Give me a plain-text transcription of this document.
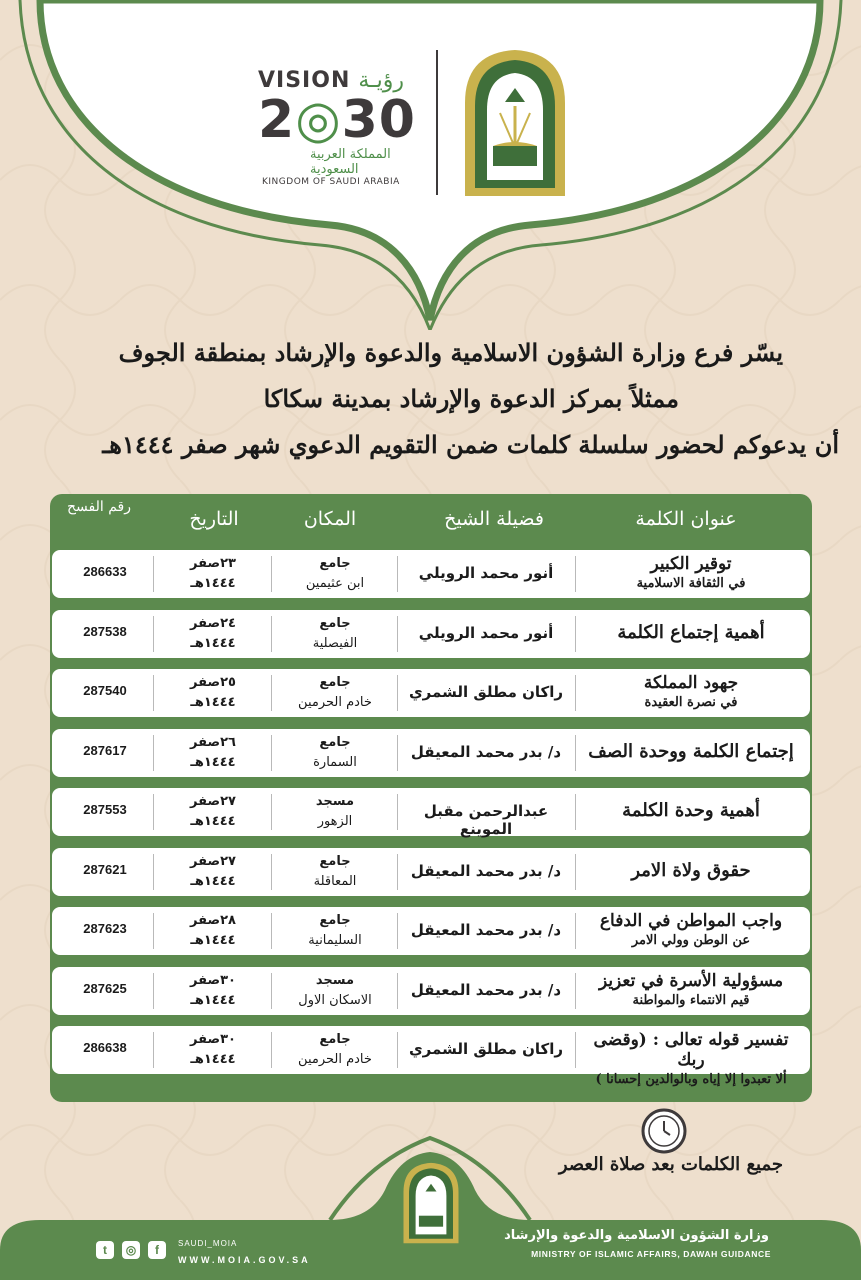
VISION رؤيـة
2◎30
المملكة العربية السعودية
KINGDOM OF SAUDI ARABIA
يسّر فرع وزارة الشؤون الاسلامية والدعوة والإرشاد بمنطقة الجوف
ممثلاً بمركز الدعوة والإرشاد بمدينة سكاكا
أن يدعوكم لحضور سلسلة كلمات ضمن التقويم الدعوي شهر صفر ١٤٤٤هـ
عنوان الكلمة
فضيلة الشيخ
المكان
التاريخ
رقم الفسح
توقير الكبير
في الثقافة الاسلامية
أنور محمد الرويلي
جامع
ابن عثيمين
٢٣صفر
١٤٤٤هـ
286633
أهمية إجتماع الكلمة
أنور محمد الرويلي
جامع
الفيصلية
٢٤صفر
١٤٤٤هـ
287538
جهود المملكة
في نصرة العقيدة
راكان مطلق الشمري
جامع
خادم الحرمين
٢٥صفر
١٤٤٤هـ
287540
إجتماع الكلمة ووحدة الصف
د/ بدر محمد المعيقل
جامع
السمارة
٢٦صفر
١٤٤٤هـ
287617
أهمية وحدة الكلمة
عبدالرحمن مقبل الموينع
مسجد
الزهور
٢٧صفر
١٤٤٤هـ
287553
حقوق ولاة الامر
د/ بدر محمد المعيقل
جامع
المعاقلة
٢٧صفر
١٤٤٤هـ
287621
واجب المواطن في الدفاع
عن الوطن وولي الامر
د/ بدر محمد المعيقل
جامع
السليمانية
٢٨صفر
١٤٤٤هـ
287623
مسؤولية الأسرة في تعزيز
قيم الانتماء والمواطنة
د/ بدر محمد المعيقل
مسجد
الاسكان الاول
٣٠صفر
١٤٤٤هـ
287625
تفسير قوله تعالى : (وقضى ربك
ألا تعبدوا إلا إياه وبالوالدين إحسانا )
راكان مطلق الشمري
جامع
خادم الحرمين
٣٠صفر
١٤٤٤هـ
286638
جميع الكلمات بعد صلاة العصر
وزارة الشؤون الاسلامية والدعوة والإرشاد
MINISTRY OF ISLAMIC AFFAIRS, DAWAH GUIDANCE
SAUDI_MOIA
WWW.MOIA.GOV.SA
t	◎	f
